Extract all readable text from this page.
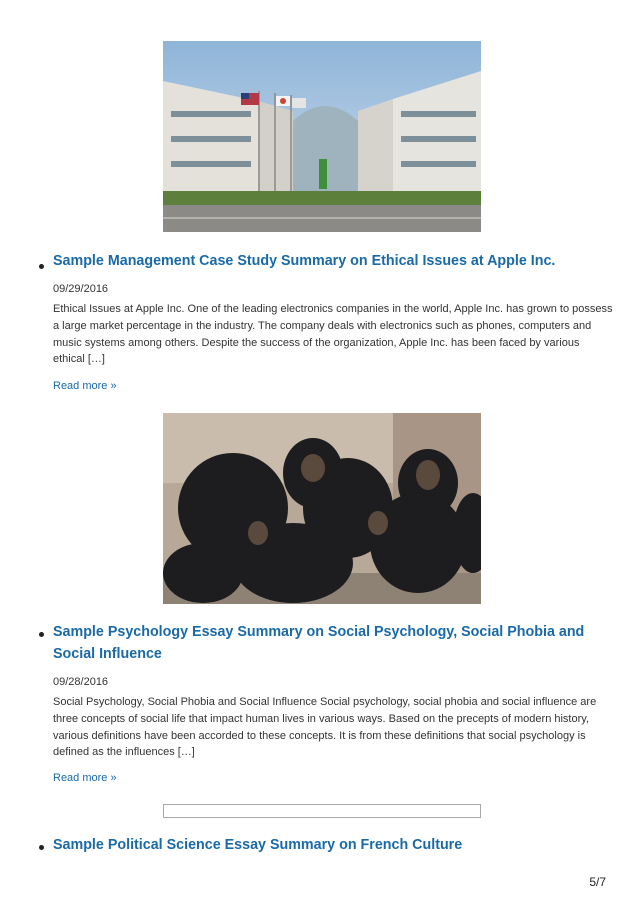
Sample Management Case Study Summary on Ethical Issues at Apple Inc.
09/29/2016

Ethical Issues at Apple Inc. One of the leading electronics companies in the world, Apple Inc. has grown to possess a large market percentage in the industry. The company deals with electronics such as phones, computers and music systems among others. Despite the success of the organization, Apple Inc. has been faced by various ethical […]

Read more »
Sample Psychology Essay Summary on Social Psychology, Social Phobia and Social Influence
09/28/2016

Social Psychology, Social Phobia and Social Influence Social psychology, social phobia and social influence are three concepts of social life that impact human lives in various ways. Based on the precepts of modern history, various definitions have been accorded to these concepts. It is from these definitions that social psychology is defined as the influences […]

Read more »
Sample Political Science Essay Summary on French Culture
5/7
